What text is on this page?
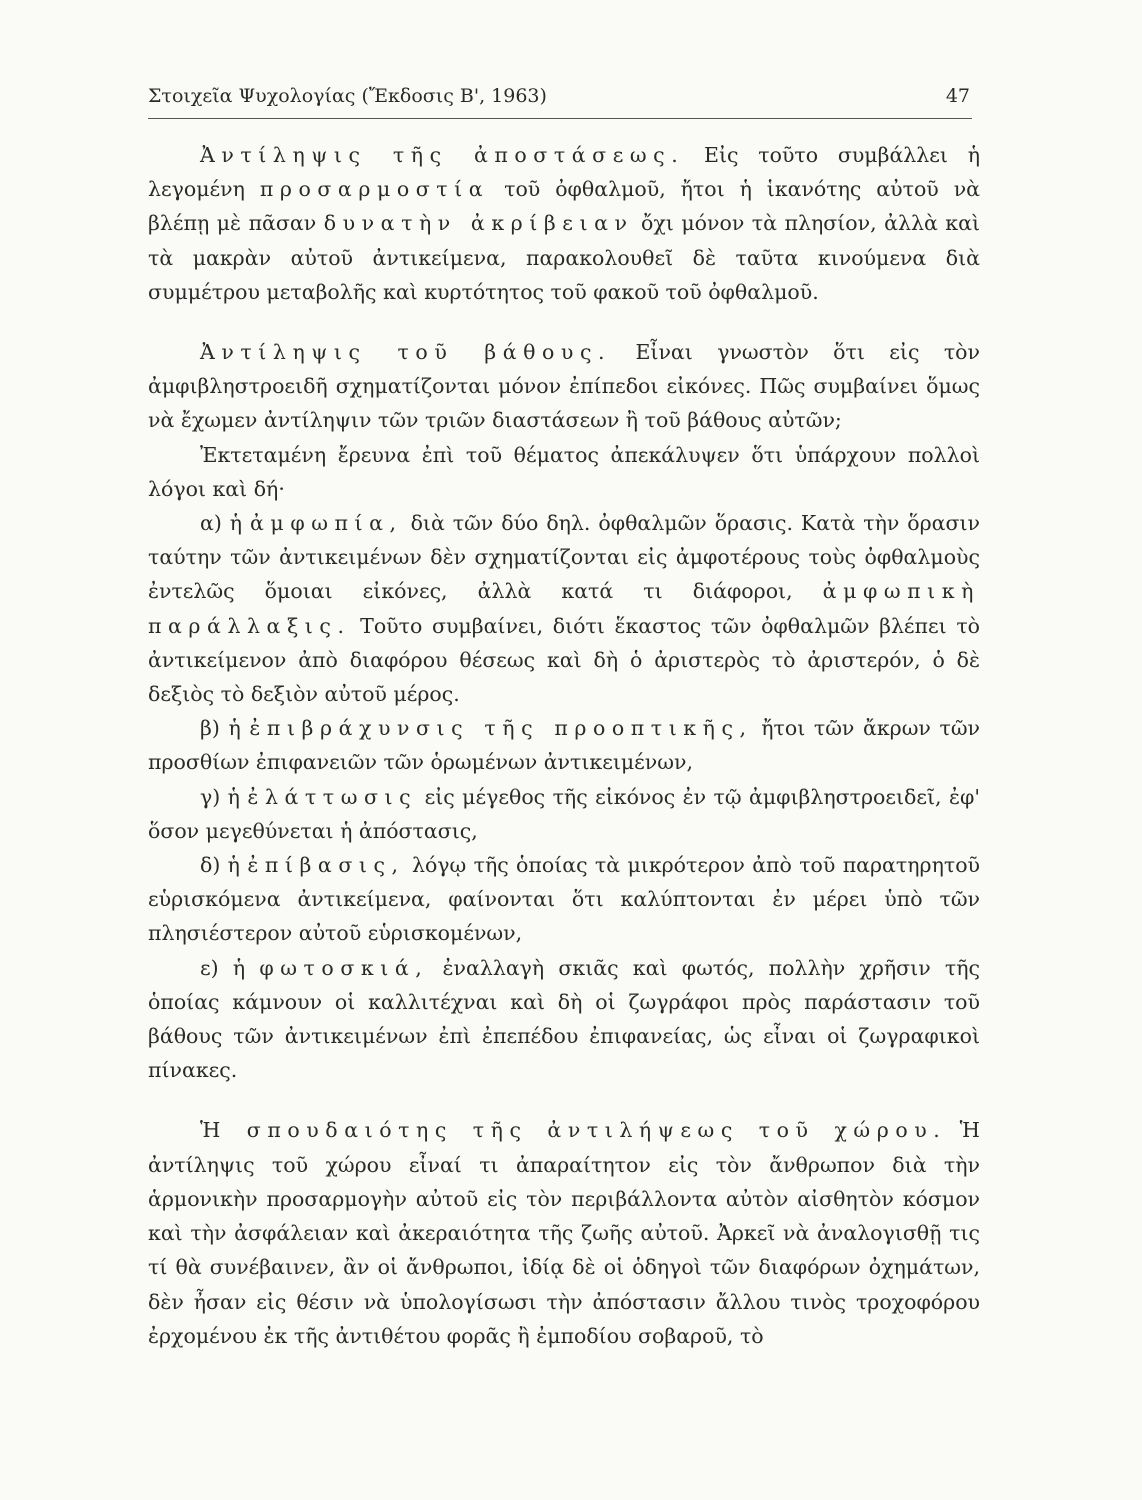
Στοιχεῖα Ψυχολογίας (Ἔκδοσις Β', 1963)	47

Ἀντίληψις τῆς ἀποστάσεως. Εἰς τοῦτο συμβάλλει ἡ λεγομένη προσαρμοστία τοῦ ὀφθαλμοῦ, ἤτοι ἡ ἱκανότης αὐτοῦ νὰ βλέπῃ μὲ πᾶσαν δυνατὴν ἀκρίβειαν ὄχι μόνον τὰ πλησίον, ἀλλὰ καὶ τὰ μακρὰν αὐτοῦ ἀντικείμενα, παρακολουθεῖ δὲ ταῦτα κινούμενα διὰ συμμέτρου μεταβολῆς καὶ κυρτότητος τοῦ φακοῦ τοῦ ὀφθαλμοῦ.

Ἀντίληψις τοῦ βάθους. Εἶναι γνωστὸν ὅτι εἰς τὸν ἀμφιβληστροειδῆ σχηματίζονται μόνον ἐπίπεδοι εἰκόνες. Πῶς συμβαίνει ὅμως νὰ ἔχωμεν ἀντίληψιν τῶν τριῶν διαστάσεων ἢ τοῦ βάθους αὐτῶν;

Ἐκτεταμένη ἔρευνα ἐπὶ τοῦ θέματος ἀπεκάλυψεν ὅτι ὑπάρχουν πολλοὶ λόγοι καὶ δή·

α) ἡ ἀμφωπία, διὰ τῶν δύο δηλ. ὀφθαλμῶν ὅρασις. Κατὰ τὴν ὅρασιν ταύτην τῶν ἀντικειμένων δὲν σχηματίζονται εἰς ἀμφοτέρους τοὺς ὀφθαλμοὺς ἐντελῶς ὅμοιαι εἰκόνες, ἀλλὰ κατά τι διάφοροι, ἀμφωπικὴ παράλλαξις. Τοῦτο συμβαίνει, διότι ἕκαστος τῶν ὀφθαλμῶν βλέπει τὸ ἀντικείμενον ἀπὸ διαφόρου θέσεως καὶ δὴ ὁ ἀριστερὸς τὸ ἀριστερόν, ὁ δὲ δεξιὸς τὸ δεξιὸν αὐτοῦ μέρος.

β) ἡ ἐπιβράχυνσις τῆς προοπτικῆς, ἤτοι τῶν ἄκρων τῶν προσθίων ἐπιφανειῶν τῶν ὁρωμένων ἀντικειμένων,

γ) ἡ ἐλάττωσις εἰς μέγεθος τῆς εἰκόνος ἐν τῷ ἀμφιβληστροειδεῖ, ἐφ' ὅσον μεγεθύνεται ἡ ἀπόστασις,

δ) ἡ ἐπίβασις, λόγῳ τῆς ὁποίας τὰ μικρότερον ἀπὸ τοῦ παρατηρητοῦ εὑρισκόμενα ἀντικείμενα, φαίνονται ὅτι καλύπτονται ἐν μέρει ὑπὸ τῶν πλησιέστερον αὐτοῦ εὑρισκομένων,

ε) ἡ φωτοσκιά, ἐναλλαγὴ σκιᾶς καὶ φωτός, πολλὴν χρῆσιν τῆς ὁποίας κάμνουν οἱ καλλιτέχναι καὶ δὴ οἱ ζωγράφοι πρὸς παράστασιν τοῦ βάθους τῶν ἀντικειμένων ἐπὶ ἐπεπέδου ἐπιφανείας, ὡς εἶναι οἱ ζωγραφικοὶ πίνακες.

Ἡ σπουδαιότης τῆς ἀντιλήψεως τοῦ χώρου. Ἡ ἀντίληψις τοῦ χώρου εἶναί τι ἀπαραίτητον εἰς τὸν ἄνθρωπον διὰ τὴν ἁρμονικὴν προσαρμογὴν αὐτοῦ εἰς τὸν περιβάλλοντα αὐτὸν αἰσθητὸν κόσμον καὶ τὴν ἀσφάλειαν καὶ ἀκεραιότητα τῆς ζωῆς αὐτοῦ. Ἀρκεῖ νὰ ἀναλογισθῇ τις τί θὰ συνέβαινεν, ἂν οἱ ἄνθρωποι, ἰδίᾳ δὲ οἱ ὁδηγοὶ τῶν διαφόρων ὀχημάτων, δὲν ἦσαν εἰς θέσιν νὰ ὑπολογίσωσι τὴν ἀπόστασιν ἄλλου τινὸς τροχοφόρου ἐρχομένου ἐκ τῆς ἀντιθέτου φορᾶς ἢ ἐμποδίου σοβαροῦ, τὸ
